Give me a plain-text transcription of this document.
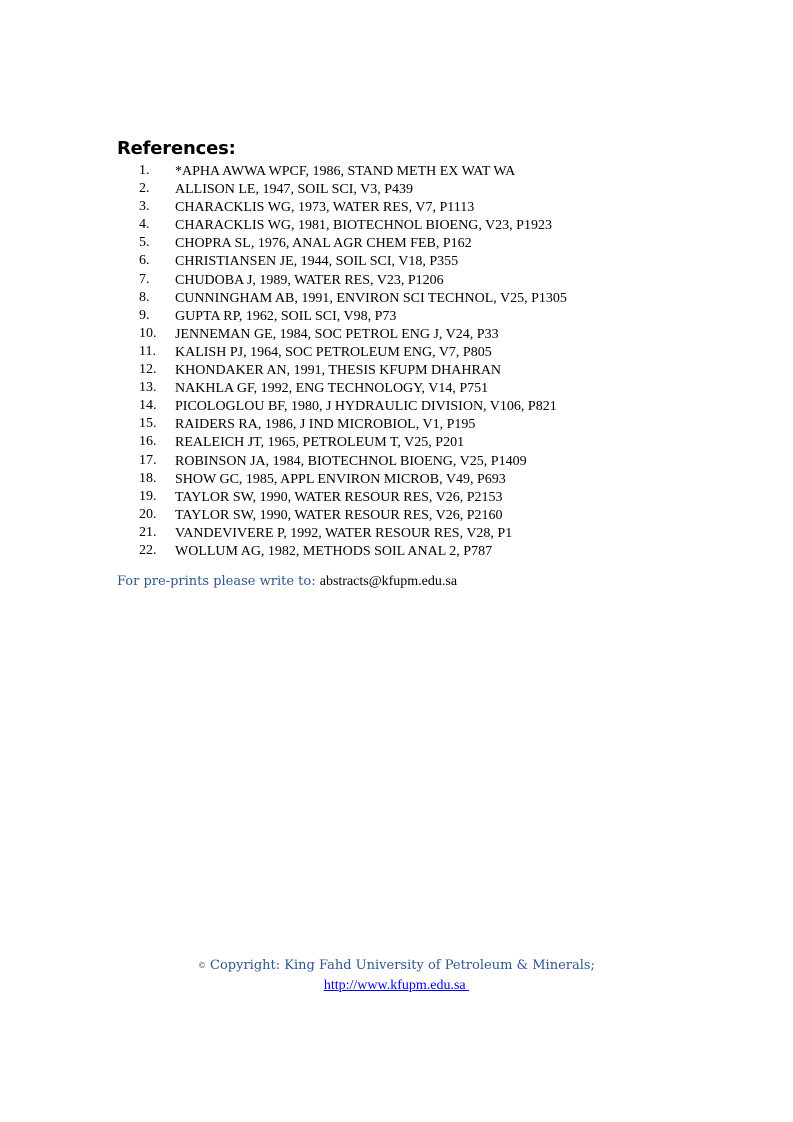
References:
1. *APHA AWWA WPCF, 1986, STAND METH EX WAT WA
2. ALLISON LE, 1947, SOIL SCI, V3, P439
3. CHARACKLIS WG, 1973, WATER RES, V7, P1113
4. CHARACKLIS WG, 1981, BIOTECHNOL BIOENG, V23, P1923
5. CHOPRA SL, 1976, ANAL AGR CHEM FEB, P162
6. CHRISTIANSEN JE, 1944, SOIL SCI, V18, P355
7. CHUDOBA J, 1989, WATER RES, V23, P1206
8. CUNNINGHAM AB, 1991, ENVIRON SCI TECHNOL, V25, P1305
9. GUPTA RP, 1962, SOIL SCI, V98, P73
10. JENNEMAN GE, 1984, SOC PETROL ENG J, V24, P33
11. KALISH PJ, 1964, SOC PETROLEUM ENG, V7, P805
12. KHONDAKER AN, 1991, THESIS KFUPM DHAHRAN
13. NAKHLA GF, 1992, ENG TECHNOLOGY, V14, P751
14. PICOLOGLOU BF, 1980, J HYDRAULIC DIVISION, V106, P821
15. RAIDERS RA, 1986, J IND MICROBIOL, V1, P195
16. REALEICH JT, 1965, PETROLEUM T, V25, P201
17. ROBINSON JA, 1984, BIOTECHNOL BIOENG, V25, P1409
18. SHOW GC, 1985, APPL ENVIRON MICROB, V49, P693
19. TAYLOR SW, 1990, WATER RESOUR RES, V26, P2153
20. TAYLOR SW, 1990, WATER RESOUR RES, V26, P2160
21. VANDEVIVERE P, 1992, WATER RESOUR RES, V28, P1
22. WOLLUM AG, 1982, METHODS SOIL ANAL 2, P787
For pre-prints please write to: abstracts@kfupm.edu.sa
© Copyright: King Fahd University of Petroleum & Minerals;
http://www.kfupm.edu.sa
